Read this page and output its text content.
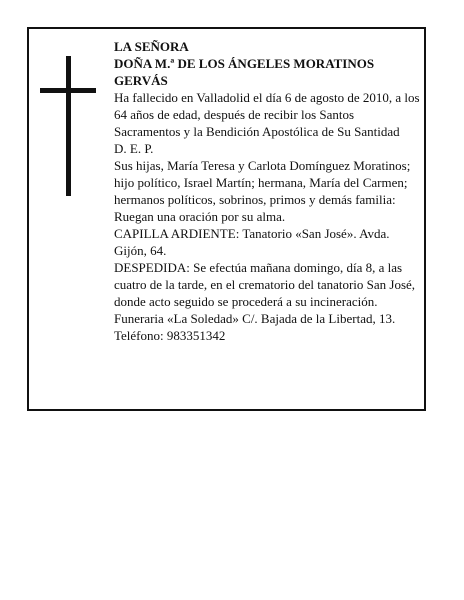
LA SEÑORA

DOÑA M.ª DE LOS ÁNGELES MORATINOS GERVÁS

Ha fallecido en Valladolid el día 6 de agosto de 2010, a los 64 años de edad, después de recibir los Santos Sacramentos y la Bendición Apostólica de Su Santidad

D. E. P.

Sus hijas, María Teresa y Carlota Domínguez Moratinos; hijo político, Israel Martín; hermana, María del Carmen; hermanos políticos, sobrinos, primos y demás familia:

Ruegan una oración por su alma.

CAPILLA ARDIENTE: Tanatorio «San José». Avda. Gijón, 64.

DESPEDIDA: Se efectúa mañana domingo, día 8, a las cuatro de la tarde, en el crematorio del tanatorio San José, donde acto seguido se procederá a su incineración.

Funeraria «La Soledad» C/. Bajada de la Libertad, 13.

Teléfono: 983351342
